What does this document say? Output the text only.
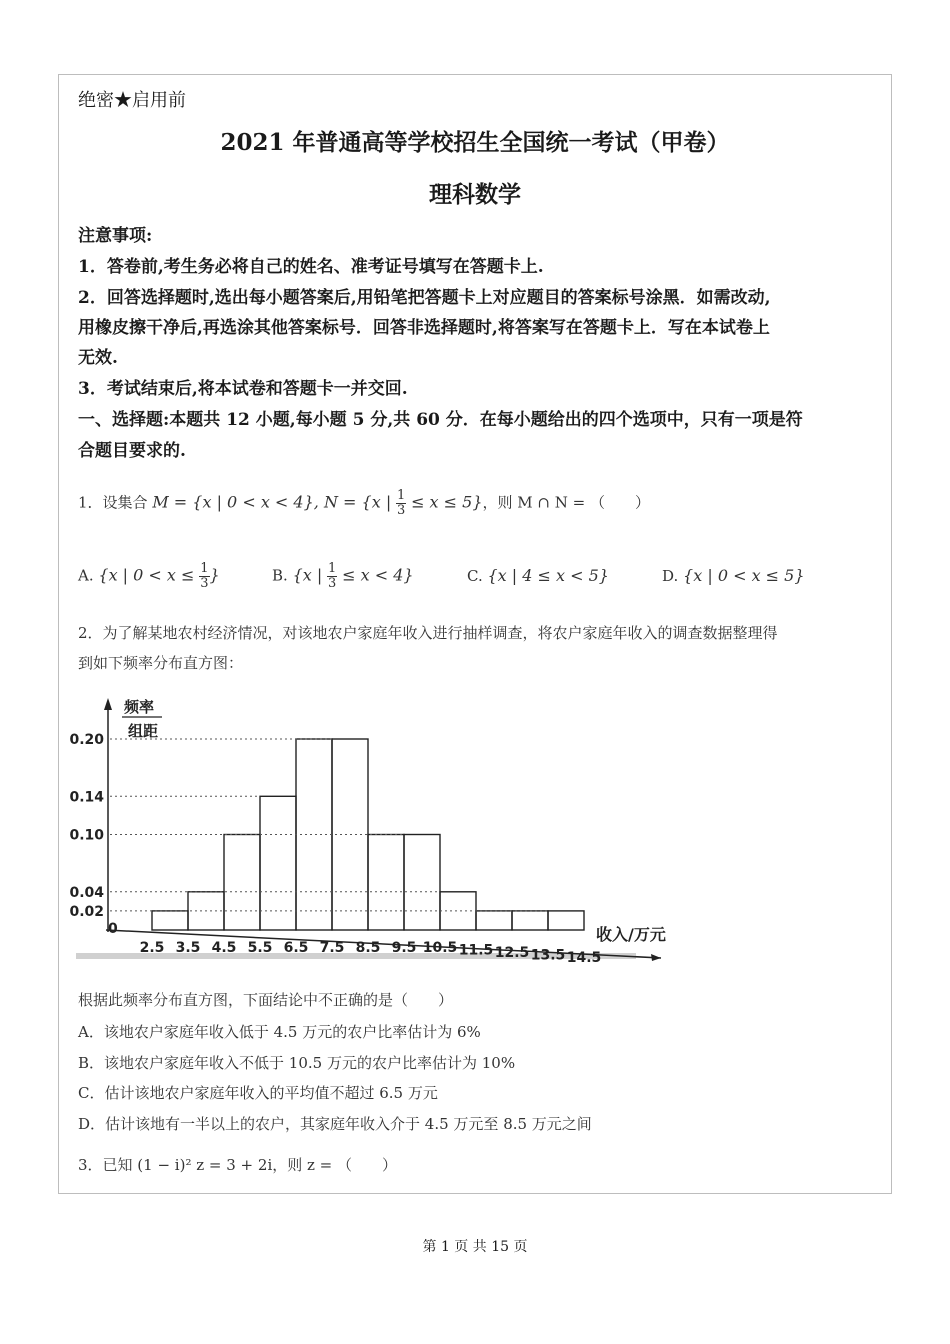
绝密★启用前
2021 年普通高等学校招生全国统一考试（甲卷）
理科数学
注意事项:
1．答卷前,考生务必将自己的姓名、准考证号填写在答题卡上.
2．回答选择题时,选出每小题答案后,用铅笔把答题卡上对应题目的答案标号涂黑．如需改动,
用橡皮擦干净后,再选涂其他答案标号．回答非选择题时,将答案写在答题卡上．写在本试卷上
无效.
3．考试结束后,将本试卷和答题卡一并交回.
一、选择题:本题共 12 小题,每小题 5 分,共 60 分．在每小题给出的四个选项中，只有一项是符
合题目要求的.
1．设集合 M = {x | 0 < x < 4}, N = {x | $\frac{1}{3} \le x \le 5$}，则 M ∩ N = （　　）
A. {x | $0 < x \le \frac{1}{3}$ }	B. {x | $\frac{1}{3} \le x < 4$}	C. {x | 4 ≤ x < 5}	D. {x | 0 < x ≤ 5}
2．为了解某地农村经济情况，对该地农户家庭年收入进行抽样调查，将农户家庭年收入的调查数据整理得
到如下频率分布直方图：
频率
组距
0.02
0.04
0.10
0.14
0.20
0
2.5 3.5 4.5 5.5 6.5 7.5 8.5 9.5 10.5 11.5 12.5 13.5 14.5
收入/万元
根据此频率分布直方图，下面结论中不正确的是（　　）
A．该地农户家庭年收入低于 4.5 万元的农户比率估计为 6%
B．该地农户家庭年收入不低于 10.5 万元的农户比率估计为 10%
C．估计该地农户家庭年收入的平均值不超过 6.5 万元
D．估计该地有一半以上的农户，其家庭年收入介于 4.5 万元至 8.5 万元之间
3．已知 (1 − i)² z = 3 + 2i，则 z = （　　）
第 1 页 共 15 页
